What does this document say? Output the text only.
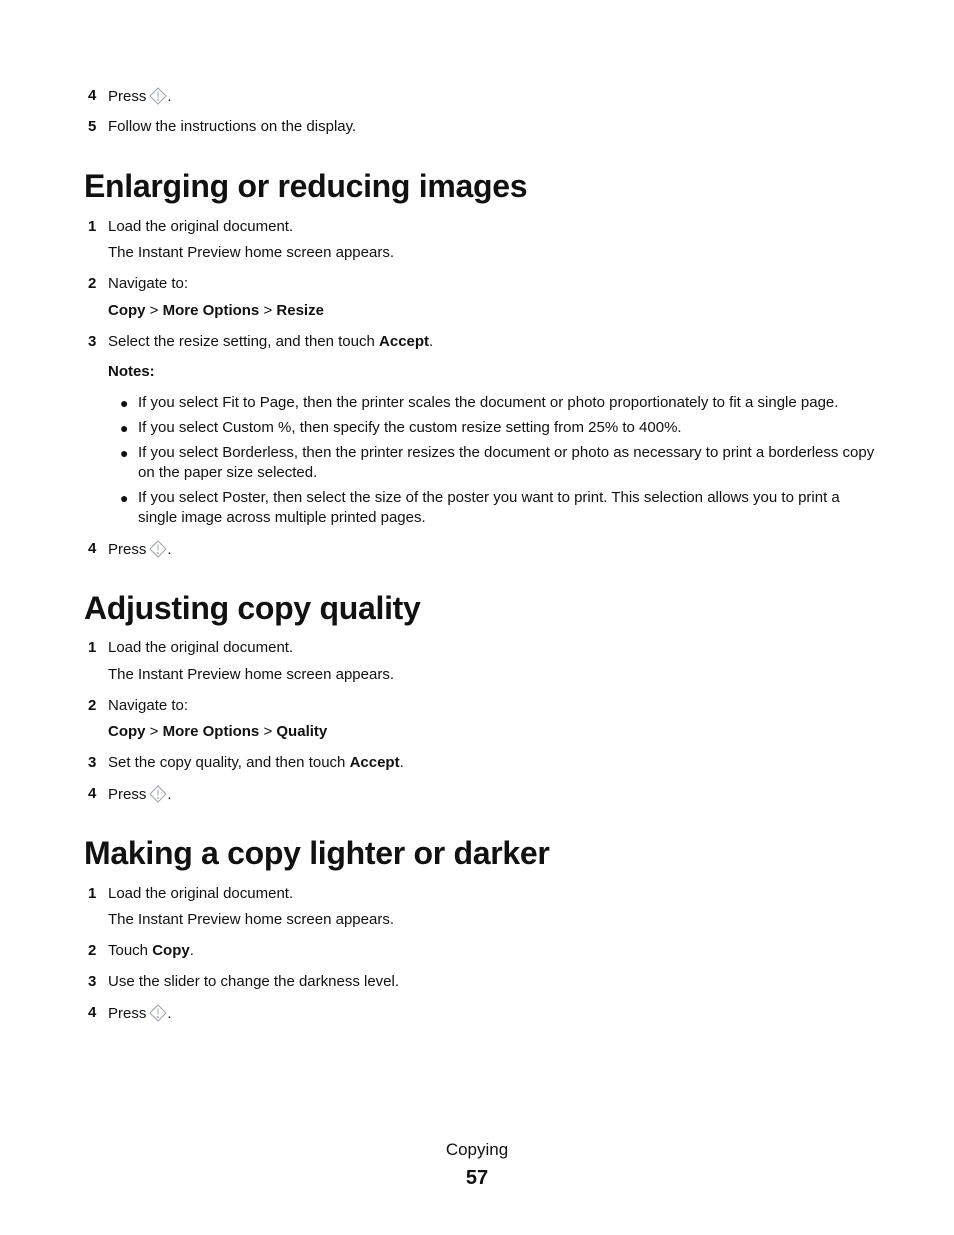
4 Press .
5 Follow the instructions on the display.
Enlarging or reducing images
1 Load the original document.
The Instant Preview home screen appears.
2 Navigate to:
Copy > More Options > Resize
3 Select the resize setting, and then touch Accept.
Notes:
● If you select Fit to Page, then the printer scales the document or photo proportionately to fit a single page.
● If you select Custom %, then specify the custom resize setting from 25% to 400%.
● If you select Borderless, then the printer resizes the document or photo as necessary to print a borderless copy on the paper size selected.
● If you select Poster, then select the size of the poster you want to print. This selection allows you to print a single image across multiple printed pages.
4 Press .
Adjusting copy quality
1 Load the original document.
The Instant Preview home screen appears.
2 Navigate to:
Copy > More Options > Quality
3 Set the copy quality, and then touch Accept.
4 Press .
Making a copy lighter or darker
1 Load the original document.
The Instant Preview home screen appears.
2 Touch Copy.
3 Use the slider to change the darkness level.
4 Press .
Copying
57
